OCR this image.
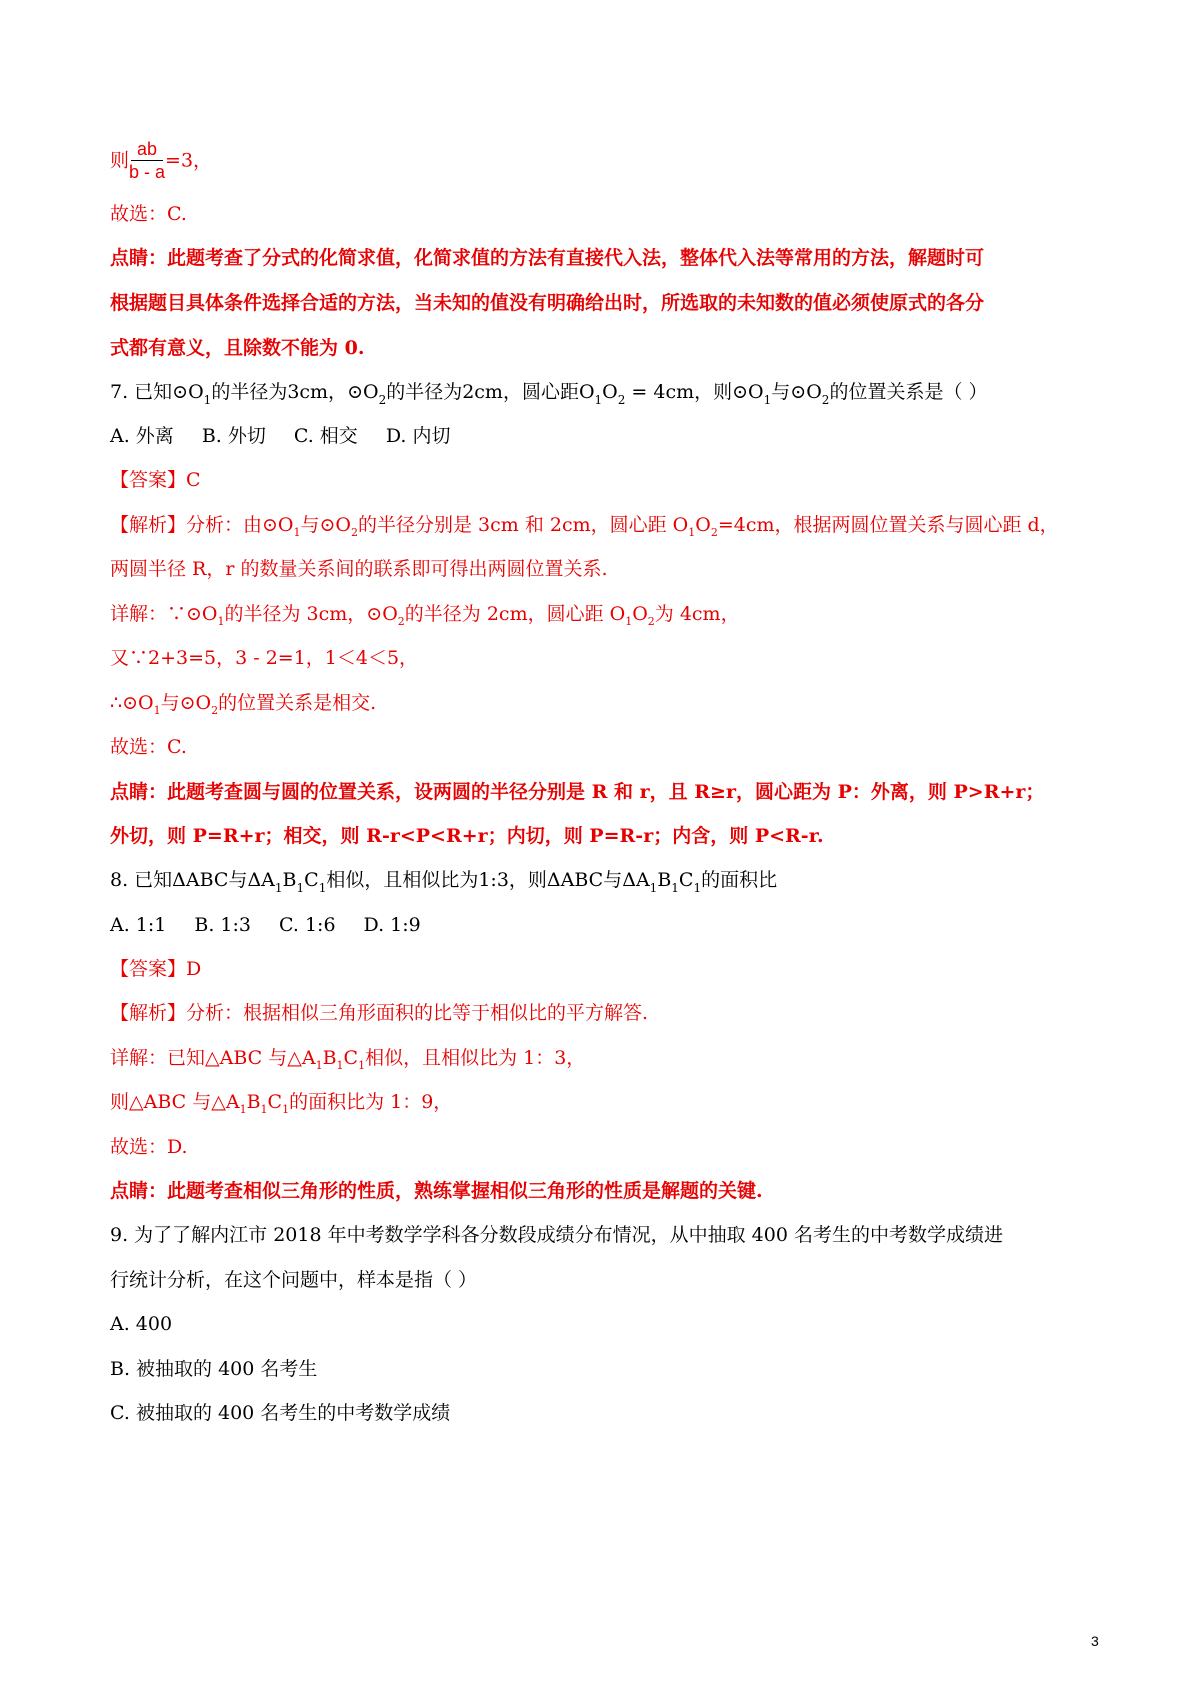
则 $\frac{ab}{b - a} =3$，
故选：C.
点睛：此题考查了分式的化简求值，化简求值的方法有直接代入法，整体代入法等常用的方法，解题时可
根据题目具体条件选择合适的方法，当未知的值没有明确给出时，所选取的未知数的值必须使原式的各分
式都有意义，且除数不能为 0.
7. 已知$⊙O_1$的半径为3cm，$⊙O_2$的半径为2cm，圆心距$O_1O_2 = 4cm$，则$⊙O_1$与$⊙O_2$的位置关系是（ ）
A. 外离 B. 外切 C. 相交 D. 内切
【答案】C
【解析】分析：由$⊙O_1$与$⊙O_2$的半径分别是 3cm 和 2cm，圆心距 $O_1O_2=4cm$，根据两圆位置关系与圆心距 d，
两圆半径 R，r 的数量关系间的联系即可得出两圆位置关系.
详解：$\because⊙O_1$的半径为 3cm，$⊙O_2$的半径为 2cm，圆心距 $O_1O_2$为 4cm，
又∵2+3=5，3 - 2=1，1＜4＜5，
$\therefore⊙O_1$与$⊙O_2$的位置关系是相交.
故选：C.
点睛：此题考查圆与圆的位置关系，设两圆的半径分别是 R 和 r，且 R≥r，圆心距为 P：外离，则 P>R+r；
外切，则 P=R+r；相交，则 R-r<P<R+r；内切，则 P=R-r；内含，则 P<R-r.
8. 已知ΔABC与$\Delta A_1B_1C_1$相似，且相似比为1:3，则ΔABC与$\Delta A_1B_1C_1$的面积比
A. 1:1 B. 1:3 C. 1:6 D. 1:9
【答案】D
【解析】分析：根据相似三角形面积的比等于相似比的平方解答.
详解：已知△ABC 与$\triangle A_1B_1C_1$相似，且相似比为 1：3，
则△ABC 与$\triangle A_1B_1C_1$的面积比为 1：9，
故选：D.
点睛：此题考查相似三角形的性质，熟练掌握相似三角形的性质是解题的关键.
9. 为了了解内江市 2018 年中考数学学科各分数段成绩分布情况，从中抽取 400 名考生的中考数学成绩进
行统计分析，在这个问题中，样本是指（ ）
A. 400
B. 被抽取的 400 名考生
C. 被抽取的 400 名考生的中考数学成绩
3
